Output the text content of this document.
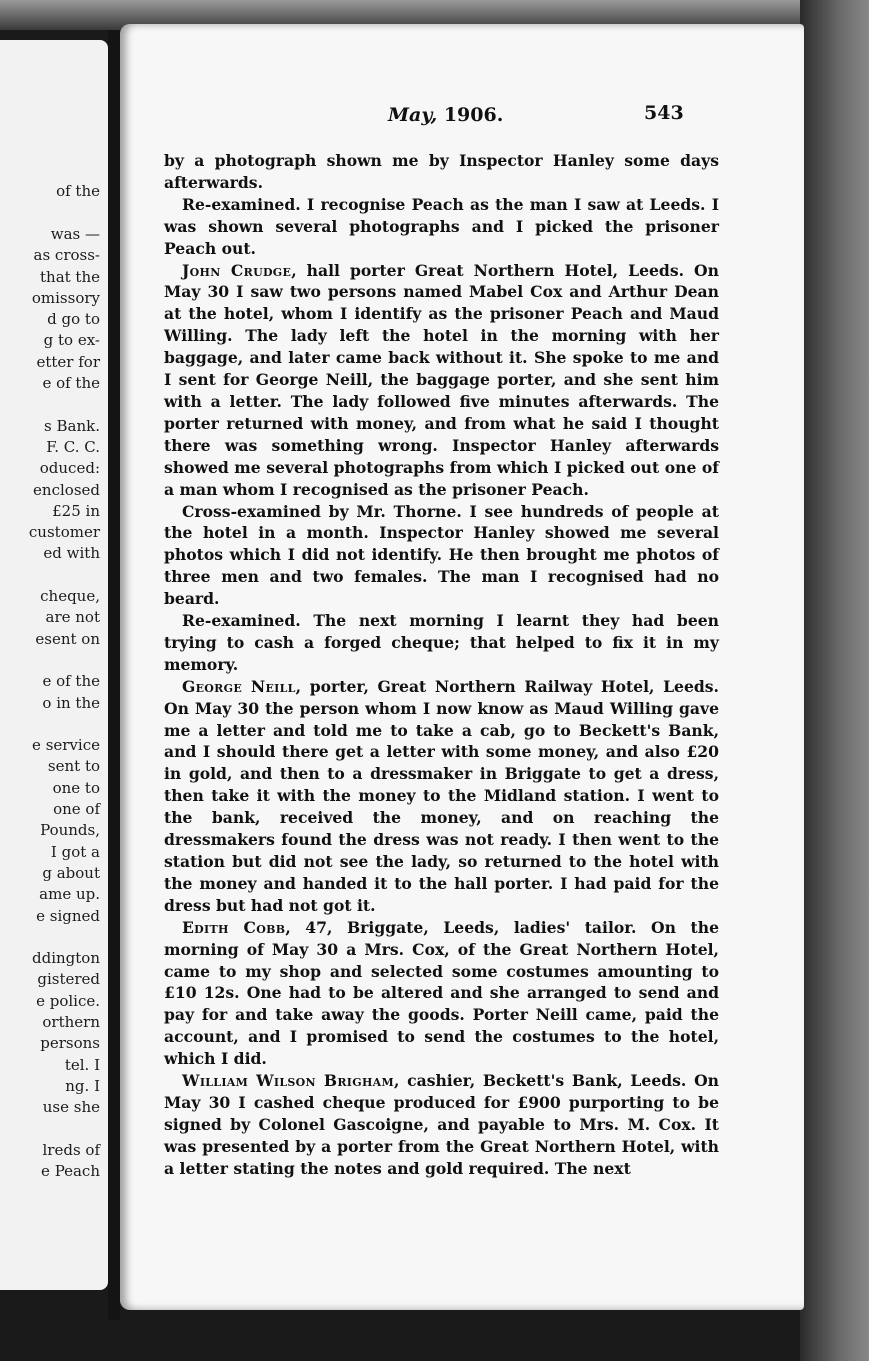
of the
was —
as cross-
that the
omissory
d go to
g to ex-
etter for
e of the
s Bank.
F. C. C.
oduced:
enclosed
£25 in
customer
ed with
cheque,
are not
esent on
e of the
o in the
e service
sent to
one to
one of
Pounds,
I got a
g about
ame up.
e signed
ddington
gistered
e police.
orthern
persons
tel. I
ng. I
use she
lreds of
e Peach
May, 1906.	543

by a photograph shown me by Inspector Hanley some days afterwards.

Re-examined. I recognise Peach as the man I saw at Leeds. I was shown several photographs and I picked the prisoner Peach out.

John Crudge, hall porter Great Northern Hotel, Leeds. On May 30 I saw two persons named Mabel Cox and Arthur Dean at the hotel, whom I identify as the prisoner Peach and Maud Willing. The lady left the hotel in the morning with her baggage, and later came back without it. She spoke to me and I sent for George Neill, the baggage porter, and she sent him with a letter. The lady followed five minutes afterwards. The porter returned with money, and from what he said I thought there was something wrong. Inspector Hanley afterwards showed me several photographs from which I picked out one of a man whom I recognised as the prisoner Peach.

Cross-examined by Mr. Thorne. I see hundreds of people at the hotel in a month. Inspector Hanley showed me several photos which I did not identify. He then brought me photos of three men and two females. The man I recognised had no beard.

Re-examined. The next morning I learnt they had been trying to cash a forged cheque; that helped to fix it in my memory.

George Neill, porter, Great Northern Railway Hotel, Leeds. On May 30 the person whom I now know as Maud Willing gave me a letter and told me to take a cab, go to Beckett's Bank, and I should there get a letter with some money, and also £20 in gold, and then to a dressmaker in Briggate to get a dress, then take it with the money to the Midland station. I went to the bank, received the money, and on reaching the dressmakers found the dress was not ready. I then went to the station but did not see the lady, so returned to the hotel with the money and handed it to the hall porter. I had paid for the dress but had not got it.

Edith Cobb, 47, Briggate, Leeds, ladies' tailor. On the morning of May 30 a Mrs. Cox, of the Great Northern Hotel, came to my shop and selected some costumes amounting to £10 12s. One had to be altered and she arranged to send and pay for and take away the goods. Porter Neill came, paid the account, and I promised to send the costumes to the hotel, which I did.

William Wilson Brigham, cashier, Beckett's Bank, Leeds. On May 30 I cashed cheque produced for £900 purporting to be signed by Colonel Gascoigne, and payable to Mrs. M. Cox. It was presented by a porter from the Great Northern Hotel, with a letter stating the notes and gold required. The next
